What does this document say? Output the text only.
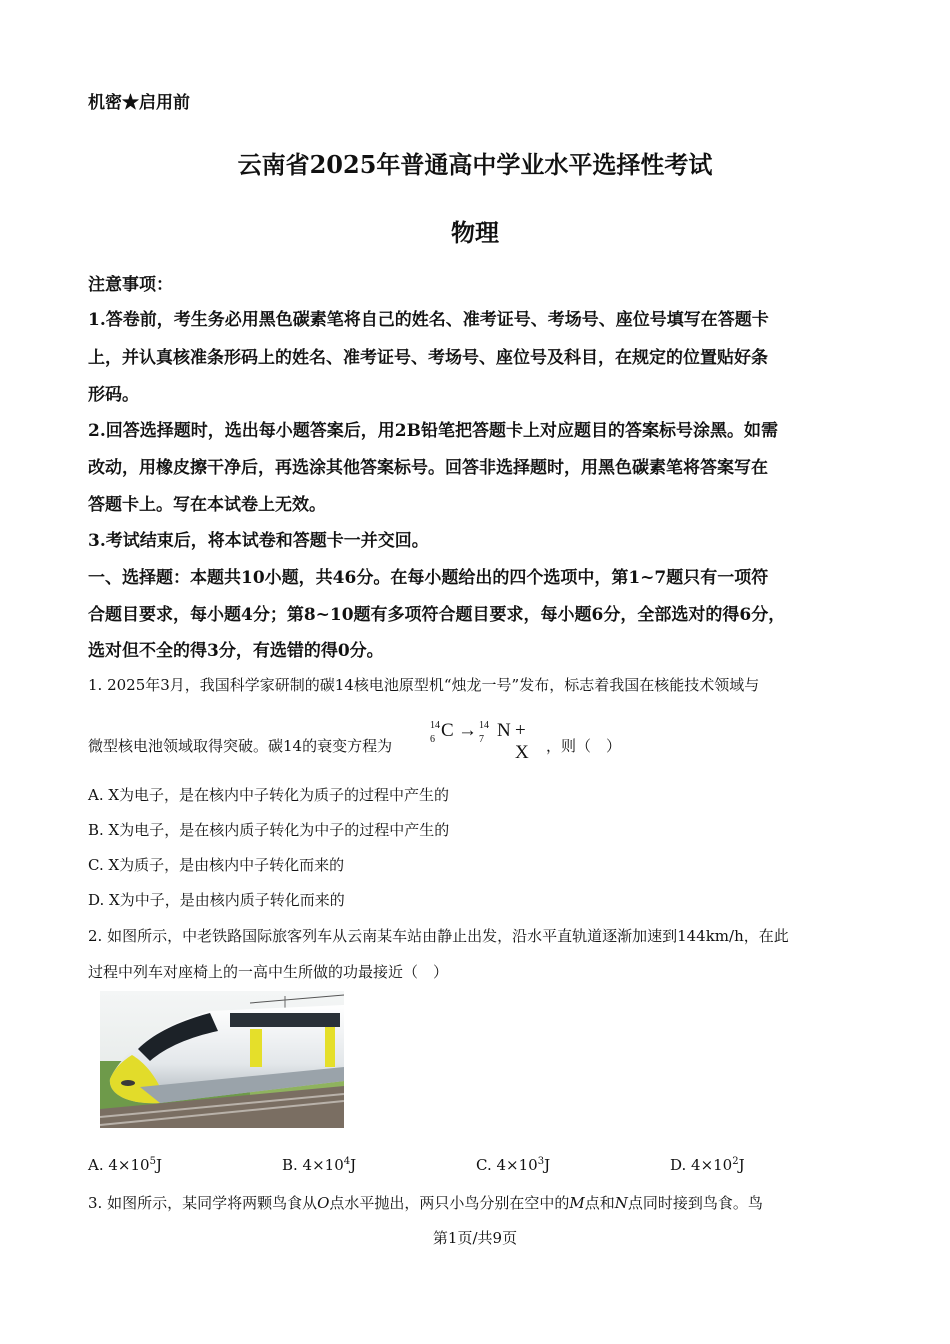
机密★启用前
云南省2025年普通高中学业水平选择性考试
物理
注意事项：
1.答卷前，考生务必用黑色碳素笔将自己的姓名、准考证号、考场号、座位号填写在答题卡
上，并认真核准条形码上的姓名、准考证号、考场号、座位号及科目，在规定的位置贴好条
形码。
2.回答选择题时，选出每小题答案后，用2B铅笔把答题卡上对应题目的答案标号涂黑。如需
改动，用橡皮擦干净后，再选涂其他答案标号。回答非选择题时，用黑色碳素笔将答案写在
答题卡上。写在本试卷上无效。
3.考试结束后，将本试卷和答题卡一并交回。
一、选择题：本题共10小题，共46分。在每小题给出的四个选项中，第1~7题只有一项符
合题目要求，每小题4分；第8~10题有多项符合题目要求，每小题6分，全部选对的得6分，
选对但不全的得3分，有选错的得0分。
1. 2025年3月，我国科学家研制的碳14核电池原型机“烛龙一号”发布，标志着我国在核能技术领域与
微型核电池领域取得突破。碳14的衰变方程为
14
6 C → 14
7 N + X ，则（　）
A. X为电子，是在核内中子转化为质子的过程中产生的
B. X为电子，是在核内质子转化为中子的过程中产生的
C. X为质子，是由核内中子转化而来的
D. X为中子，是由核内质子转化而来的
2. 如图所示，中老铁路国际旅客列车从云南某车站由静止出发，沿水平直轨道逐渐加速到144km/h，在此
过程中列车对座椅上的一高中生所做的功最接近（　）
A. $4\times 10^5J$	B. $4\times 10^4J$	C. $4\times 10^3J$	D. $4\times 10^2J$
3. 如图所示，某同学将两颗鸟食从O点水平抛出，两只小鸟分别在空中的M点和N点同时接到鸟食。鸟
第1页/共9页
